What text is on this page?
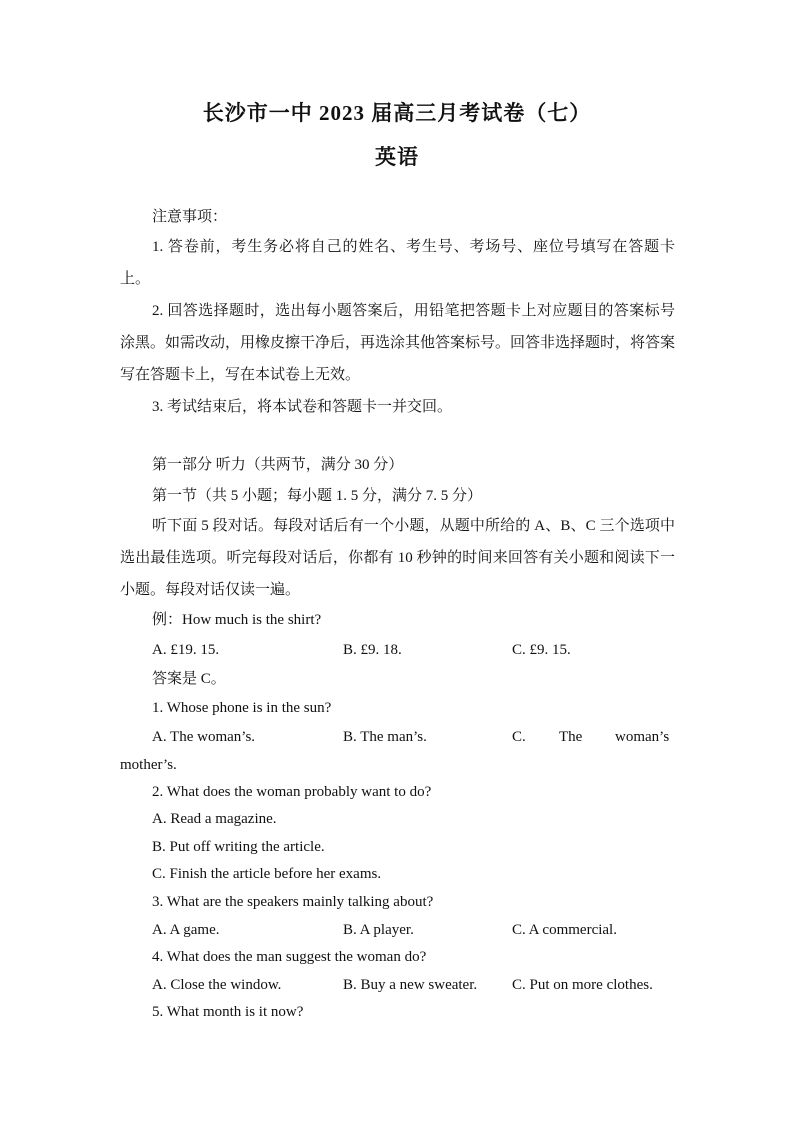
长沙市一中 2023 届高三月考试卷（七）
英语
注意事项：
1. 答卷前，考生务必将自己的姓名、考生号、考场号、座位号填写在答题卡上。
2. 回答选择题时，选出每小题答案后，用铅笔把答题卡上对应题目的答案标号涂黑。如需改动，用橡皮擦干净后，再选涂其他答案标号。回答非选择题时，将答案写在答题卡上，写在本试卷上无效。
3. 考试结束后，将本试卷和答题卡一并交回。
第一部分 听力（共两节，满分 30 分）
第一节（共 5 小题；每小题 1. 5 分，满分 7. 5 分）
听下面 5 段对话。每段对话后有一个小题，从题中所给的 A、B、C 三个选项中选出最佳选项。听完每段对话后，你都有 10 秒钟的时间来回答有关小题和阅读下一小题。每段对话仅读一遍。
例：How much is the shirt?
A. £19. 15.	B. £9. 18.	C. £9. 15.
答案是 C。
1. Whose phone is in the sun?
A. The woman’s.	B. The man’s.	C. The woman’s
mother’s.
2. What does the woman probably want to do?
A. Read a magazine.
B. Put off writing the article.
C. Finish the article before her exams.
3. What are the speakers mainly talking about?
A. A game.	B. A player.	C. A commercial.
4. What does the man suggest the woman do?
A. Close the window.	B. Buy a new sweater. C. Put on more clothes.
5. What month is it now?
